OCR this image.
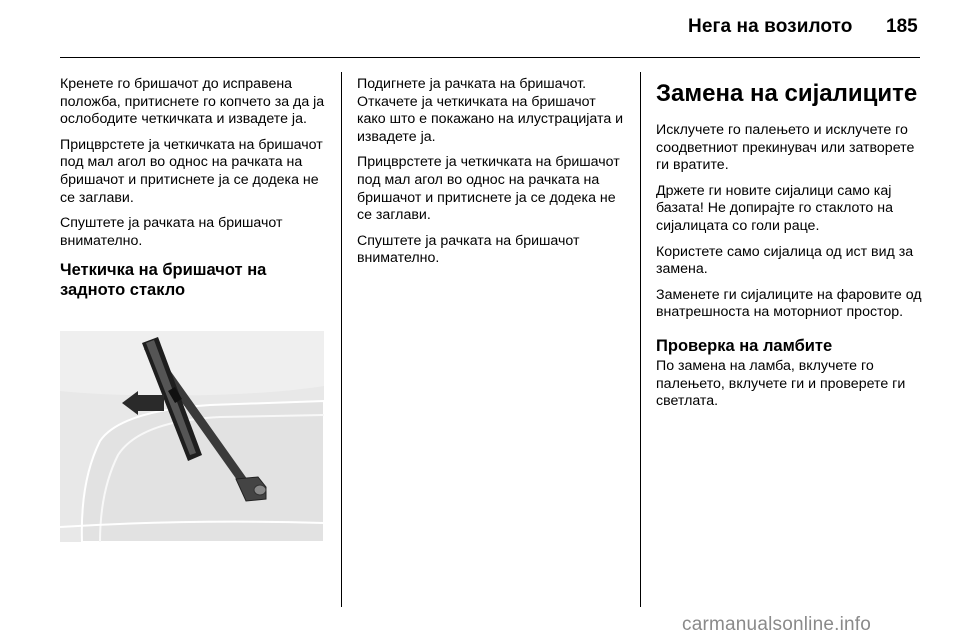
Нега на возилото 185

Кренете го бришачот до исправена положба, притиснете го копчето за да ја ослободите четкичката и извадете ја.

Прицврстете ја четкичката на бришачот под мал агол во однос на рачката на бришачот и притиснете ја се додека не се заглави.

Спуштете ја рачката на бришачот внимателно.

Четкичка на бришачот на задното стакло

Подигнете ја рачката на бришачот. Откачете ја четкичката на бришачот како што е покажано на илустрацијата и извадете ја.

Прицврстете ја четкичката на бришачот под мал агол во однос на рачката на бришачот и притиснете ја се додека не се заглави.

Спуштете ја рачката на бришачот внимателно.

Замена на сијалиците

Исклучете го палењето и исклучете го соодветниот прекинувач или затворете ги вратите.

Држете ги новите сијалици само кај базата! Не допирајте го стаклото на сијалицата со голи раце.

Користете само сијалица од ист вид за замена.

Заменете ги сијалиците на фаровите од внатрешноста на моторниот простор.

Проверка на ламбите

По замена на ламба, вклучете го палењето, вклучете ги и проверете ги светлата.

carmanualsonline.info
